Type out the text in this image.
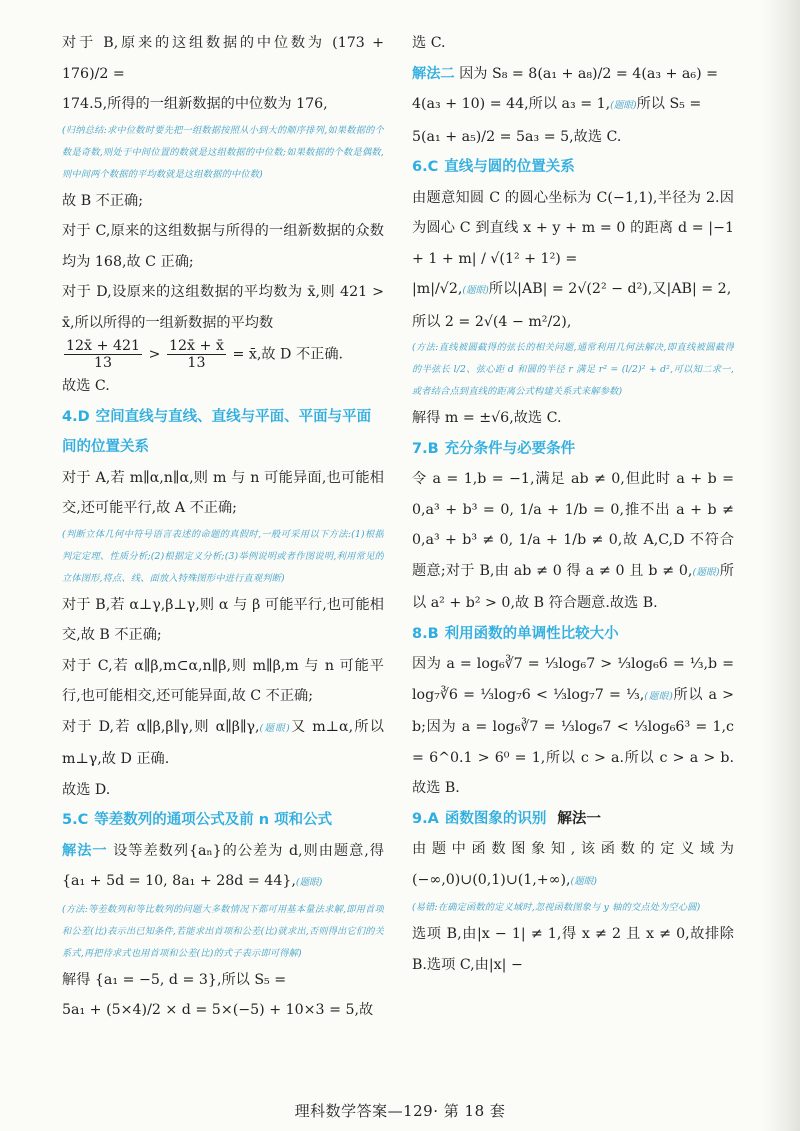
对于 B,原来的这组数据的中位数为 (173 + 176)/2 =
174.5,所得的一组新数据的中位数为 176,
(归纳总结:求中位数时要先把一组数据按照从小到大的顺序排列,如果数据的个数是奇数,则处于中间位置的数就是这组数据的中位数;如果数据的个数是偶数,则中间两个数据的平均数就是这组数据的中位数)
故 B 不正确;

对于 C,原来的这组数据与所得的一组新数据的众数均为 168,故 C 正确;

对于 D,设原来的这组数据的平均数为 x̄,则 421 > x̄,所以所得的一组新数据的平均数

$\frac{12x̄ + 421}{13} > \frac{12x̄ + x̄}{13}$ = x̄,故 D 不正确.

故选 C.

4.D 空间直线与直线、直线与平面、平面与平面间的位置关系

对于 A,若 m∥α,n∥α,则 m 与 n 可能异面,也可能相交,还可能平行,故 A 不正确;
(判断立体几何中符号语言表述的命题的真假时,一般可采用以下方法:(1)根据判定定理、性质分析;(2)根据定义分析;(3)举例说明或者作图说明,利用常见的立体图形,将点、线、面放入特殊图形中进行直观判断)

对于 B,若 α⊥γ,β⊥γ,则 α 与 β 可能平行,也可能相交,故 B 不正确;

对于 C,若 α∥β,m⊂α,n∥β,则 m∥β,m 与 n 可能平行,也可能相交,还可能异面,故 C 不正确;

对于 D,若 α∥β,β∥γ,则 α∥β∥γ,(题眼)又 m⊥α,所以 m⊥γ,故 D 正确.

故选 D.

5.C 等差数列的通项公式及前 n 项和公式

解法一 设等差数列{aₙ}的公差为 d,则由题意,得 {a₁ + 5d = 10, 8a₁ + 28d = 44},(题眼)
(方法:等差数列和等比数列的问题大多数情况下都可用基本量法求解,即用首项和公差(比)表示出已知条件,若能求出首项和公差(比)就求出,否则得出它们的关系式,再把待求式也用首项和公差(比)的式子表示即可得解)
解得 {a₁ = −5, d = 3},所以 S₅ =
5a₁ + (5×4)/2 × d = 5×(−5) + 10×3 = 5,故

选 C.

解法二 因为 S₈ = 8(a₁ + a₈)/2 = 4(a₃ + a₆) =
4(a₃ + 10) = 44,所以 a₃ = 1,(题眼)所以 S₅ =
5(a₁ + a₅)/2 = 5a₃ = 5,故选 C.

6.C 直线与圆的位置关系

由题意知圆 C 的圆心坐标为 C(−1,1),半径为 2.因为圆心 C 到直线 x + y + m = 0 的距离 d = |−1 + 1 + m| / √(1² + 1²) =
|m|/√2,(题眼)所以|AB| = 2√(2² − d²),又|AB| = 2,
所以 2 = 2√(4 − m²/2),
(方法:直线被圆截得的弦长的相关问题,通常利用几何法解决,即直线被圆截得的半弦长 l/2、弦心距 d 和圆的半径 r 满足 r² = (l/2)² + d²,可以知二求一,或者结合点到直线的距离公式构建关系式来解参数)
解得 m = ±√6,故选 C.

7.B 充分条件与必要条件

令 a = 1,b = −1,满足 ab ≠ 0,但此时 a + b = 0,a³ + b³ = 0, 1/a + 1/b = 0,推不出 a + b ≠ 0,a³ + b³ ≠ 0, 1/a + 1/b ≠ 0,故 A,C,D 不符合题意;对于 B,由 ab ≠ 0 得 a ≠ 0 且 b ≠ 0,(题眼)所以 a² + b² > 0,故 B 符合题意.故选 B.

8.B 利用函数的单调性比较大小

因为 a = log₆∛7 = ⅓log₆7 > ⅓log₆6 = ⅓,b = log₇∛6 = ⅓log₇6 < ⅓log₇7 = ⅓,(题眼)所以 a > b;因为 a = log₆∛7 = ⅓log₆7 < ⅓log₆6³ = 1,c = 6^0.1 > 6⁰ = 1,所以 c > a.所以 c > a > b.故选 B.

9.A 函数图象的识别 解法一

由题中函数图象知,该函数的定义域为(−∞,0)∪(0,1)∪(1,+∞),(题眼)
(易错:在确定函数的定义域时,忽视函数图象与 y 轴的交点处为空心圆)
选项 B,由|x − 1| ≠ 1,得 x ≠ 2 且 x ≠ 0,故排除 B.选项 C,由|x| −

理科数学答案—129· 第 18 套
